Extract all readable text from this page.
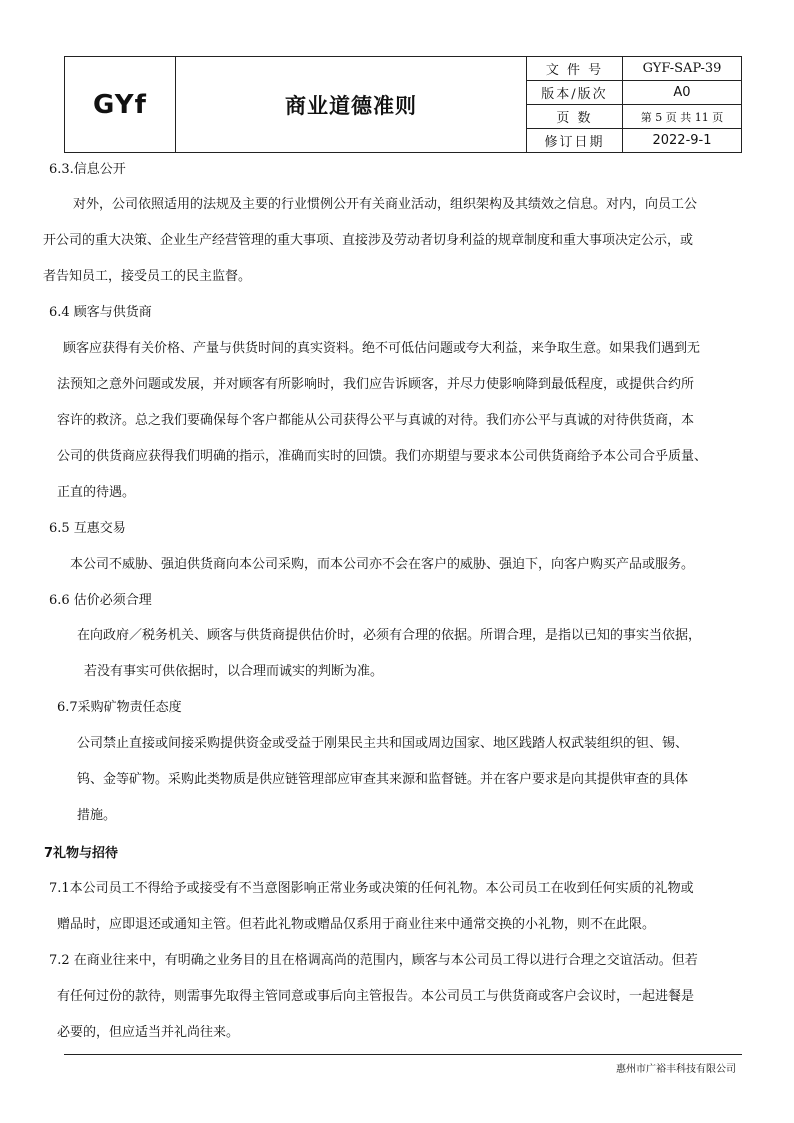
GYf	商业道德准则	文 件 号	GYF-SAP-39
		版本/版次	A0
		页 数	第 5 页 共 11 页
		修订日期	2022-9-1
6.3.信息公开
对外，公司依照适用的法规及主要的行业惯例公开有关商业活动，组织架构及其绩效之信息。对内，向员工公
开公司的重大决策、企业生产经营管理的重大事项、直接涉及劳动者切身利益的规章制度和重大事项决定公示，或
者告知员工，接受员工的民主监督。
6.4 顾客与供货商
顾客应获得有关价格、产量与供货时间的真实资料。绝不可低估问题或夸大利益，来争取生意。如果我们遇到无
法预知之意外问题或发展，并对顾客有所影响时，我们应告诉顾客，并尽力使影响降到最低程度，或提供合约所
容许的救济。总之我们要确保每个客户都能从公司获得公平与真诚的对待。我们亦公平与真诚的对待供货商，本
公司的供货商应获得我们明确的指示，准确而实时的回馈。我们亦期望与要求本公司供货商给予本公司合乎质量、
正直的待遇。
6.5 互惠交易
本公司不威胁、强迫供货商向本公司采购，而本公司亦不会在客户的威胁、强迫下，向客户购买产品或服务。
6.6 估价必须合理
在向政府／税务机关、顾客与供货商提供估价时，必须有合理的依据。所谓合理，是指以已知的事实当依据，
若没有事实可供依据时，以合理而诚实的判断为准。
6.7采购矿物责任态度
公司禁止直接或间接采购提供资金或受益于刚果民主共和国或周边国家、地区践踏人权武装组织的钽、锡、
钨、金等矿物。采购此类物质是供应链管理部应审查其来源和监督链。并在客户要求是向其提供审查的具体
措施。
7礼物与招待
7.1本公司员工不得给予或接受有不当意图影响正常业务或决策的任何礼物。本公司员工在收到任何实质的礼物或
赠品时，应即退还或通知主管。但若此礼物或赠品仅系用于商业往来中通常交换的小礼物，则不在此限。
7.2 在商业往来中，有明确之业务目的且在格调高尚的范围内，顾客与本公司员工得以进行合理之交谊活动。但若
有任何过份的款待，则需事先取得主管同意或事后向主管报告。本公司员工与供货商或客户会议时，一起进餐是
必要的，但应适当并礼尚往来。
惠州市广裕丰科技有限公司
